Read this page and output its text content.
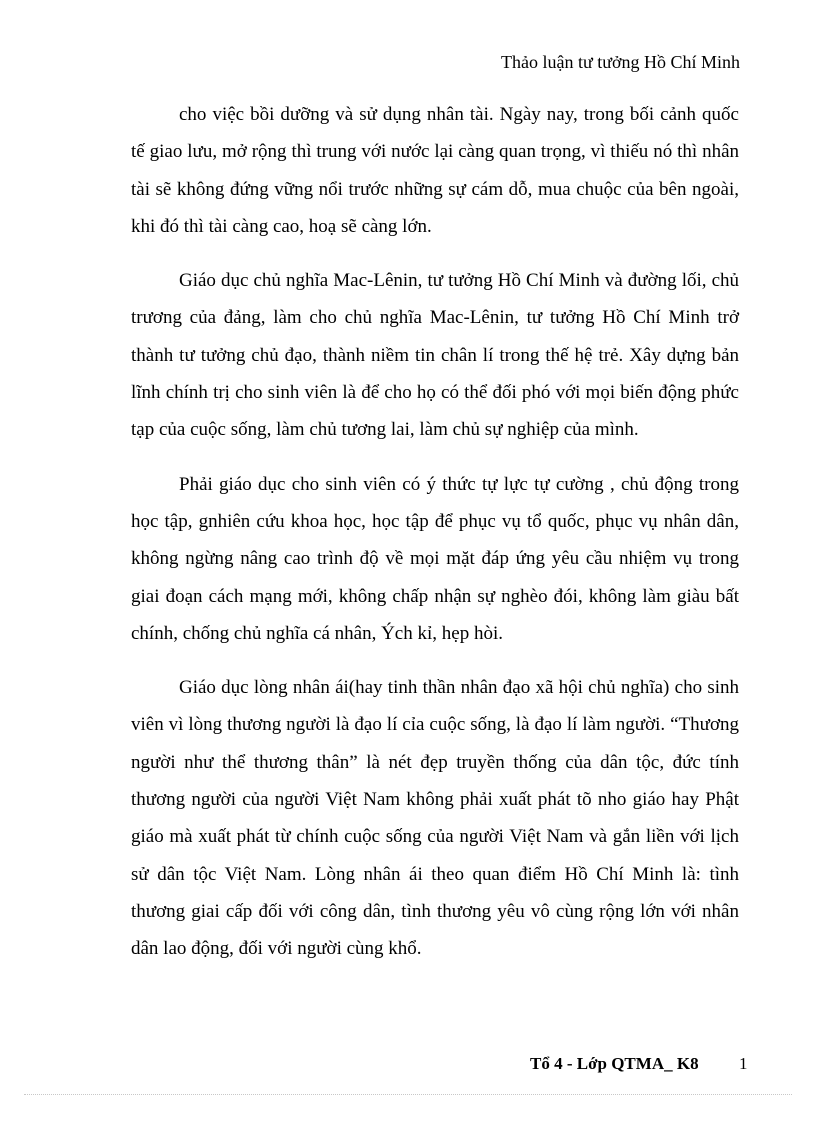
Thảo luận tư tưởng Hồ Chí Minh

cho việc bồi dưỡng và sử dụng nhân tài. Ngày nay, trong bối cảnh quốc tế giao lưu, mở rộng thì trung với nước lại càng quan trọng, vì thiếu nó thì nhân tài sẽ không đứng vững nổi trước những sự cám dỗ, mua chuộc của bên ngoài, khi đó thì tài càng cao, hoạ sẽ càng lớn.

Giáo dục chủ nghĩa Mac-Lênin, tư tưởng Hồ Chí Minh và đường lối, chủ trương của đảng, làm cho chủ nghĩa Mac-Lênin, tư tưởng Hồ Chí Minh trở thành tư tưởng chủ đạo, thành niềm tin chân lí trong thế hệ trẻ. Xây dựng bản lĩnh chính trị cho sinh viên là để cho họ có thể đối phó với mọi biến động phức tạp của cuộc sống, làm chủ tương lai, làm chủ sự nghiệp của mình.

Phải giáo dục cho sinh viên có ý thức tự lực tự cường , chủ động trong học tập, gnhiên cứu khoa học, học tập để phục vụ tổ quốc, phục vụ nhân dân, không ngừng nâng cao trình độ về mọi mặt đáp ứng yêu cầu nhiệm vụ trong giai đoạn cách mạng mới, không chấp nhận sự nghèo đói, không làm giàu bất chính, chống chủ nghĩa cá nhân, Ých kỉ, hẹp hòi.

Giáo dục lòng nhân ái(hay tinh thần nhân đạo xã hội chủ nghĩa) cho sinh viên vì lòng thương người là đạo lí cỉa cuộc sống, là đạo lí làm người. “Thương người như thể thương thân” là nét đẹp truyền thống của dân tộc, đức tính thương người của người Việt Nam không phải xuất phát tõ nho giáo hay Phật giáo mà xuất phát từ chính cuộc sống của người Việt Nam và gắn liền với lịch sử dân tộc Việt Nam. Lòng nhân ái theo quan điểm Hồ Chí Minh là: tình thương giai cấp đối với công dân, tình thương yêu vô cùng rộng lớn với nhân dân lao động, đối với người cùng khổ.

Tổ 4 - Lớp QTMA_ K8 1
